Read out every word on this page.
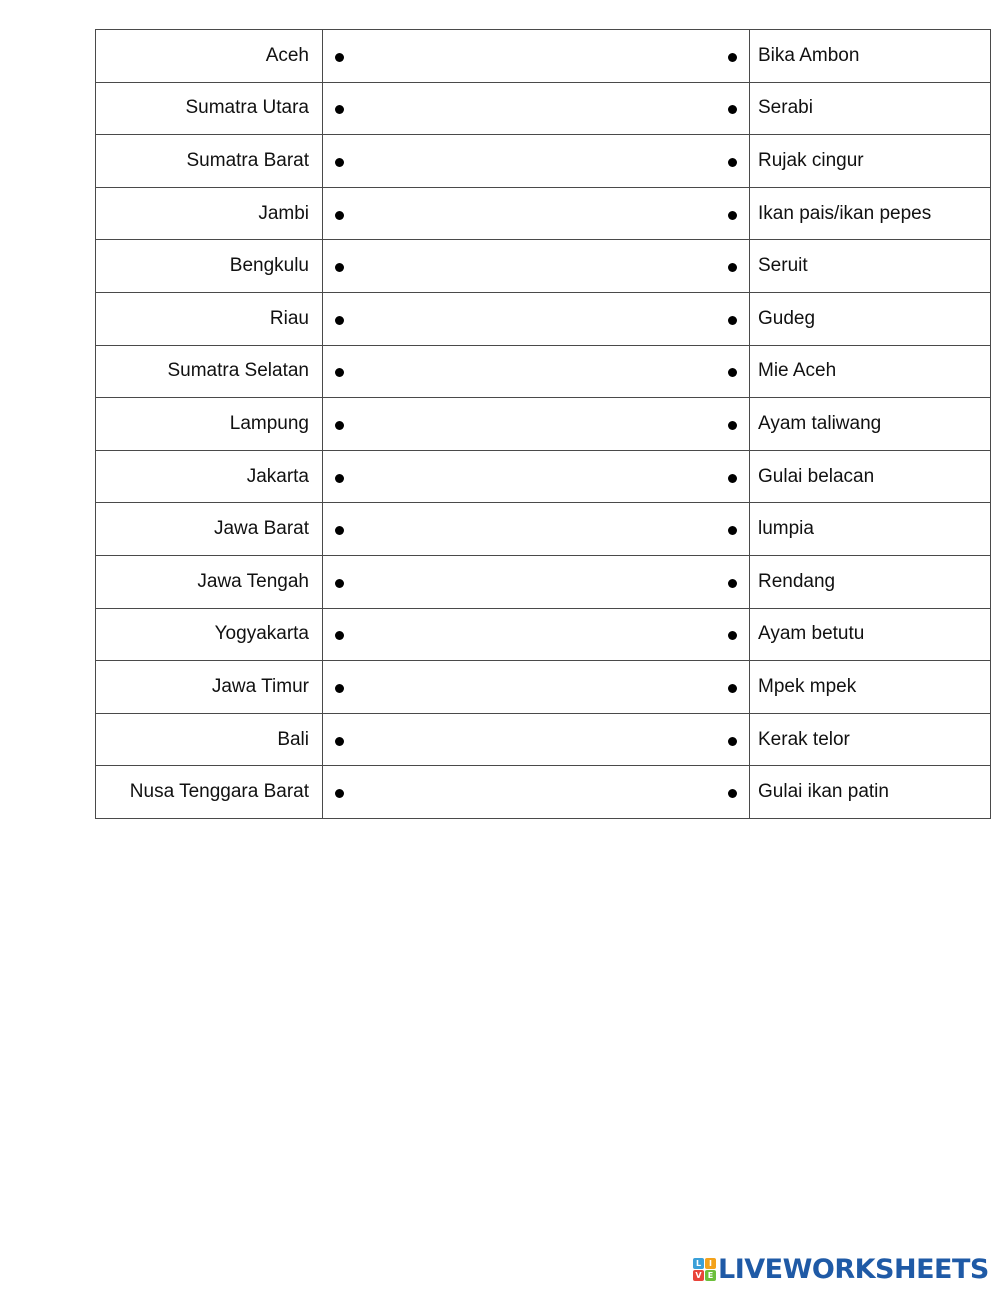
Aceh		Bika Ambon
Sumatra Utara		Serabi
Sumatra Barat		Rujak cingur
Jambi		Ikan pais/ikan pepes
Bengkulu		Seruit
Riau		Gudeg
Sumatra Selatan		Mie Aceh
Lampung		Ayam taliwang
Jakarta		Gulai belacan
Jawa Barat		lumpia
Jawa Tengah		Rendang
Yogyakarta		Ayam betutu
Jawa Timur		Mpek mpek
Bali		Kerak telor
Nusa Tenggara Barat		Gulai ikan patin
L I
V E LIVEWORKSHEETS
